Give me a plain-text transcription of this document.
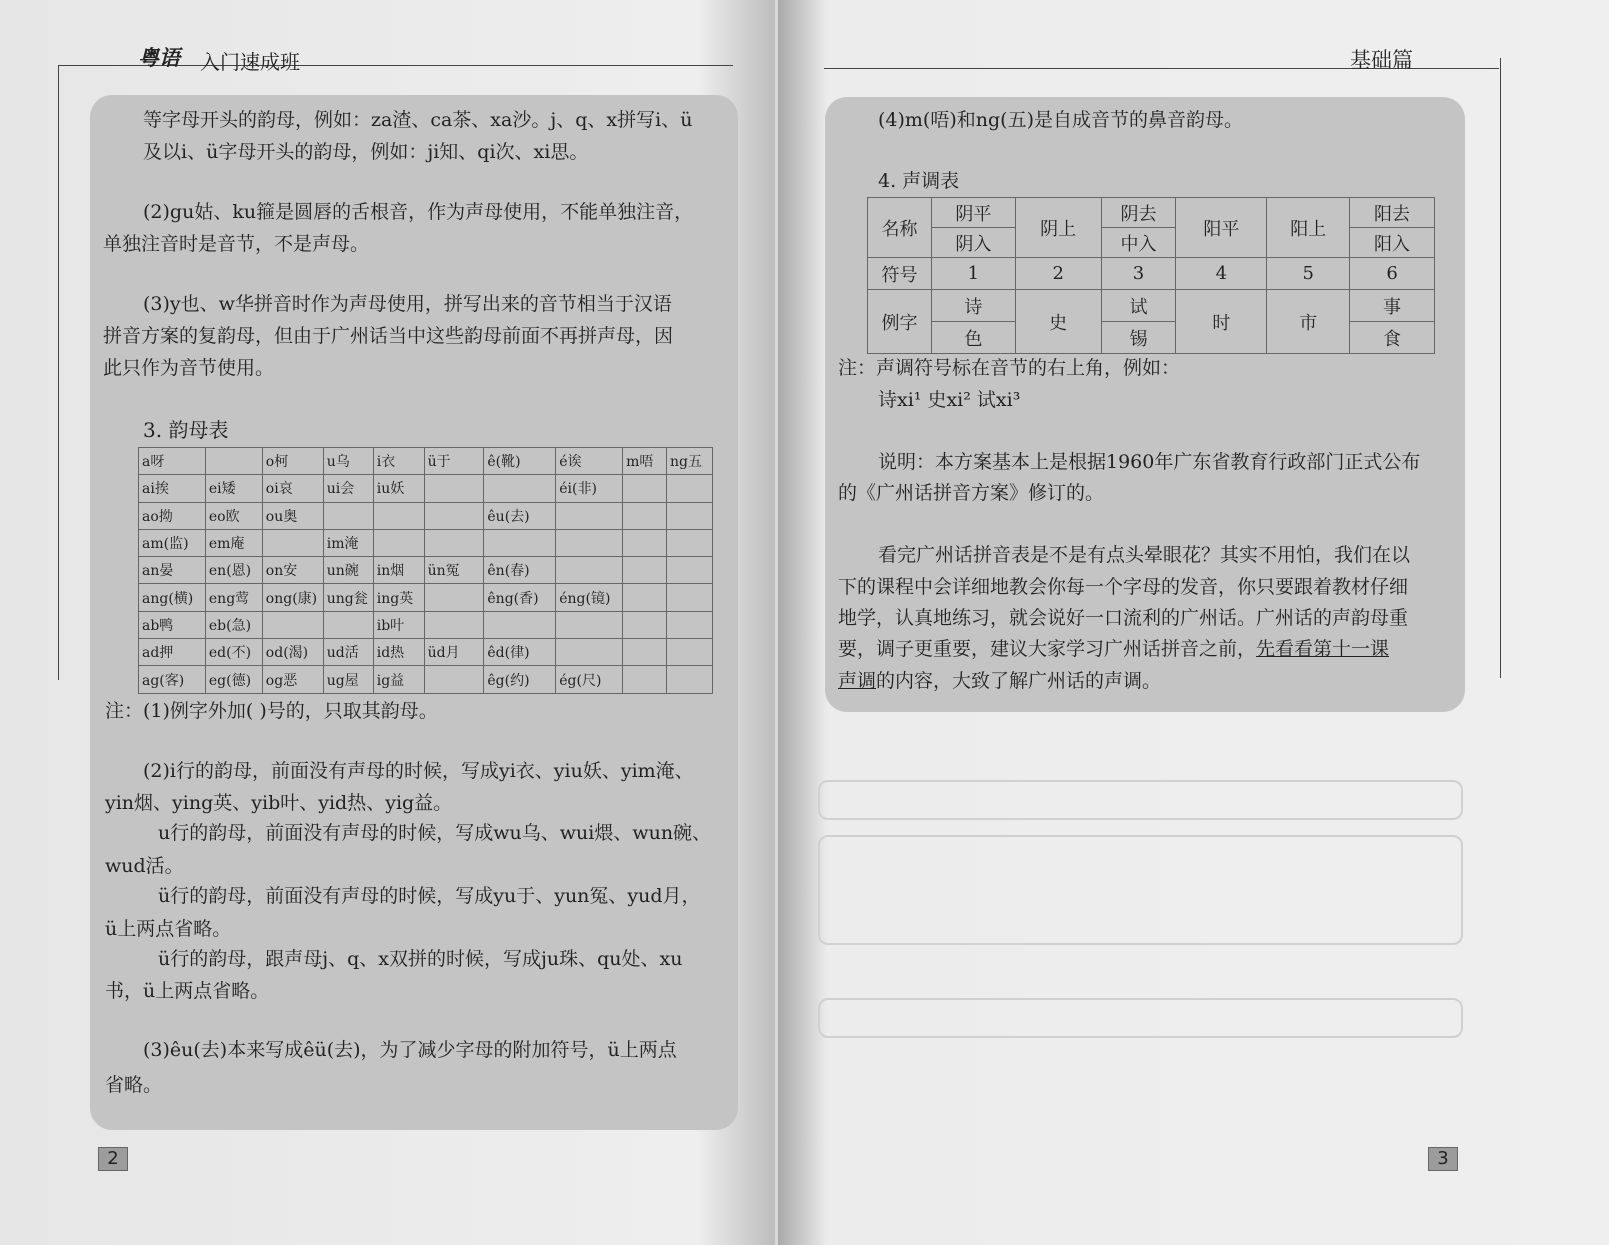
粤语 入门速成班
等字母开头的韵母，例如：za渣、ca茶、xa沙。j、q、x拼写i、ü
及以i、ü字母开头的韵母，例如：ji知、qi次、xi思。
(2)gu姑、ku箍是圆唇的舌根音，作为声母使用，不能单独注音，
单独注音时是音节，不是声母。
(3)y也、w华拼音时作为声母使用，拼写出来的音节相当于汉语
拼音方案的复韵母，但由于广州话当中这些韵母前面不再拼声母，因
此只作为音节使用。
3. 韵母表
注：(1)例字外加( )号的，只取其韵母。
(2)i行的韵母，前面没有声母的时候，写成yi衣、yiu妖、yim淹、
yin烟、ying英、yib叶、yid热、yig益。
u行的韵母，前面没有声母的时候，写成wu乌、wui煨、wun碗、
wud活。
ü行的韵母，前面没有声母的时候，写成yu于、yun冤、yud月，
ü上两点省略。
ü行的韵母，跟声母j、q、x双拼的时候，写成ju珠、qu处、xu
书，ü上两点省略。
(3)êu(去)本来写成êü(去)，为了减少字母的附加符号，ü上两点
省略。
a呀		o柯	u乌	i衣	ü于	ê(靴)	é诶	m唔	ng五
ai挨	ei矮	oi哀	ui会	iu妖			éi(非)		
ao拗	eo欧	ou奥				êu(去)			
am(监)	em庵		im淹						
an晏	en(恩)	on安	un碗	in烟	ün冤	ên(春)			
ang(横)	eng莺	ong(康)	ung瓮	ing英		êng(香)	éng(镜)		
ab鸭	eb(急)			ib叶					
ad押	ed(不)	od(渴)	ud活	id热	üd月	êd(律)			
ag(客)	eg(德)	og恶	ug屋	ig益		êg(约)	ég(尺)		
2
基础篇
(4)m(唔)和ng(五)是自成音节的鼻音韵母。
4. 声调表
注：声调符号标在音节的右上角，例如：
诗xi¹ 史xi² 试xi³
说明：本方案基本上是根据1960年广东省教育行政部门正式公布
的《广州话拼音方案》修订的。
看完广州话拼音表是不是有点头晕眼花？其实不用怕，我们在以
下的课程中会详细地教会你每一个字母的发音，你只要跟着教材仔细
地学，认真地练习，就会说好一口流利的广州话。广州话的声韵母重
要，调子更重要，建议大家学习广州话拼音之前，先看看第十一课
声调的内容，大致了解广州话的声调。
名称	阴平	阴上	阴去	阳平	阳上	阳去
	阴入		中入			阳入
符号	1	2	3	4	5	6
例字	诗	史	试	时	市	事
	色		锡			食
3
